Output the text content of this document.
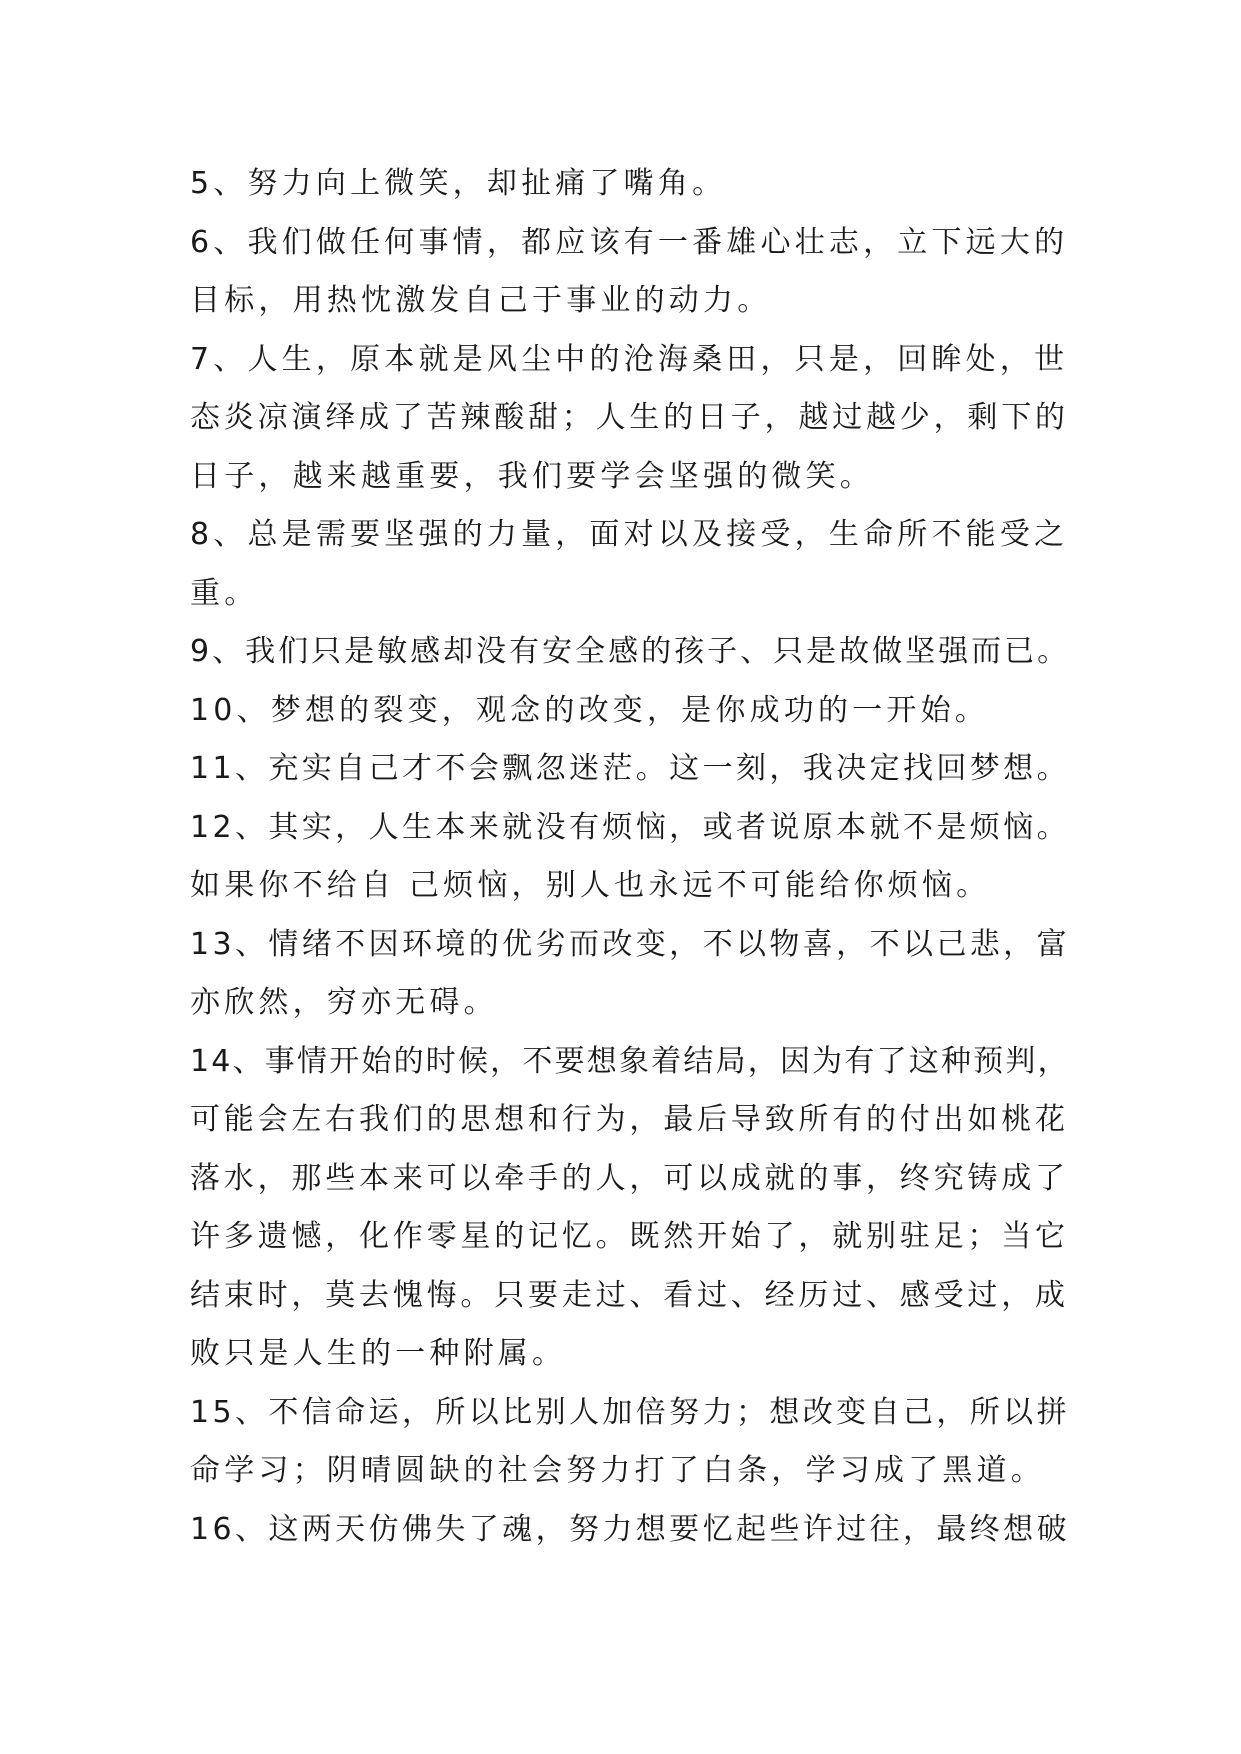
5、努力向上微笑，却扯痛了嘴角。
6、我们做任何事情，都应该有一番雄心壮志，立下远大的
目标，用热忱激发自己于事业的动力。
7、人生，原本就是风尘中的沧海桑田，只是，回眸处，世
态炎凉演绎成了苦辣酸甜；人生的日子，越过越少，剩下的
日子，越来越重要，我们要学会坚强的微笑。
8、总是需要坚强的力量，面对以及接受，生命所不能受之
重。
9、我们只是敏感却没有安全感的孩子、只是故做坚强而已。
10、梦想的裂变，观念的改变，是你成功的一开始。
11、充实自己才不会飘忽迷茫。这一刻，我决定找回梦想。
12、其实，人生本来就没有烦恼，或者说原本就不是烦恼。
如果你不给自 己烦恼，别人也永远不可能给你烦恼。
13、情绪不因环境的优劣而改变，不以物喜，不以己悲，富
亦欣然，穷亦无碍。
14、事情开始的时候，不要想象着结局，因为有了这种预判，
可能会左右我们的思想和行为，最后导致所有的付出如桃花
落水，那些本来可以牵手的人，可以成就的事，终究铸成了
许多遗憾，化作零星的记忆。既然开始了，就别驻足；当它
结束时，莫去愧悔。只要走过、看过、经历过、感受过，成
败只是人生的一种附属。
15、不信命运，所以比别人加倍努力；想改变自己，所以拼
命学习；阴晴圆缺的社会努力打了白条，学习成了黑道。
16、这两天仿佛失了魂，努力想要忆起些许过往，最终想破
